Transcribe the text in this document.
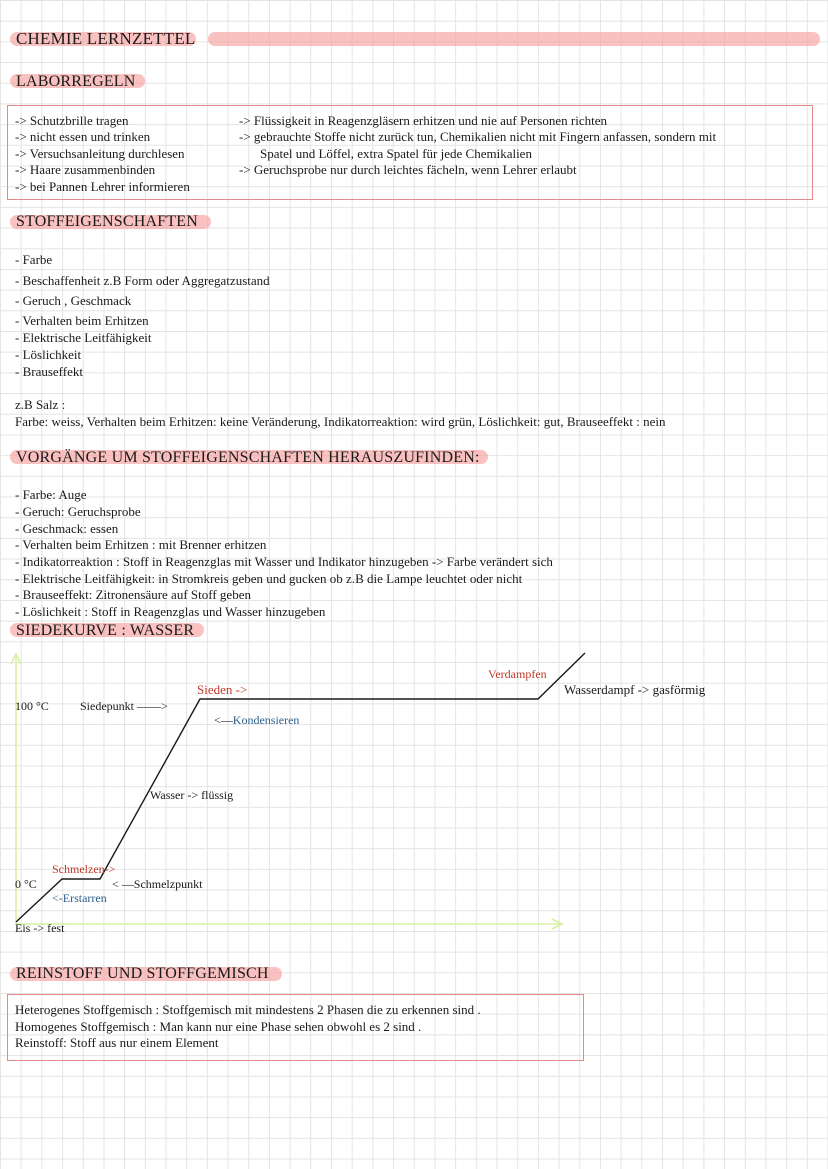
CHEMIE LERNZETTEL
LABORREGELN
-> Schutzbrille tragen
-> nicht essen und trinken
-> Versuchsanleitung durchlesen
-> Haare zusammenbinden
-> bei Pannen Lehrer informieren
-> Flüssigkeit in Reagenzgläsern erhitzen und nie auf Personen richten
-> gebrauchte Stoffe nicht zurück tun, Chemikalien nicht mit Fingern anfassen, sondern mit
Spatel und Löffel, extra Spatel für jede Chemikalien
-> Geruchsprobe nur durch leichtes fächeln, wenn Lehrer erlaubt
STOFFEIGENSCHAFTEN
- Farbe
- Beschaffenheit z.B Form oder Aggregatzustand
- Geruch , Geschmack
- Verhalten beim Erhitzen
- Elektrische Leitfähigkeit
- Löslichkeit
- Brauseffekt
z.B Salz :
Farbe: weiss, Verhalten beim Erhitzen: keine Veränderung, Indikatorreaktion: wird grün, Löslichkeit: gut, Brauseeffekt : nein
VORGÄNGE UM STOFFEIGENSCHAFTEN HERAUSZUFINDEN:
- Farbe: Auge
- Geruch: Geruchsprobe
- Geschmack: essen
- Verhalten beim Erhitzen : mit Brenner erhitzen
- Indikatorreaktion : Stoff in Reagenzglas mit Wasser und Indikator hinzugeben -> Farbe verändert sich
- Elektrische Leitfähigkeit: in Stromkreis geben und gucken ob z.B die Lampe leuchtet oder nicht
- Brauseeffekt: Zitronensäure auf Stoff geben
- Löslichkeit : Stoff in Reagenzglas und Wasser hinzugeben
SIEDEKURVE : WASSER
100 °C	Siedepunkt ——>
Sieden ->
<—Kondensieren
Verdampfen
Wasserdampf -> gasförmig
Wasser -> flüssig
Schmelzen->
0 °C	< —Schmelzpunkt
<-Erstarren
Eis -> fest
REINSTOFF UND STOFFGEMISCH
Heterogenes Stoffgemisch : Stoffgemisch mit mindestens 2 Phasen die zu erkennen sind .
Homogenes Stoffgemisch : Man kann nur eine Phase sehen obwohl es 2 sind .
Reinstoff: Stoff aus nur einem Element
